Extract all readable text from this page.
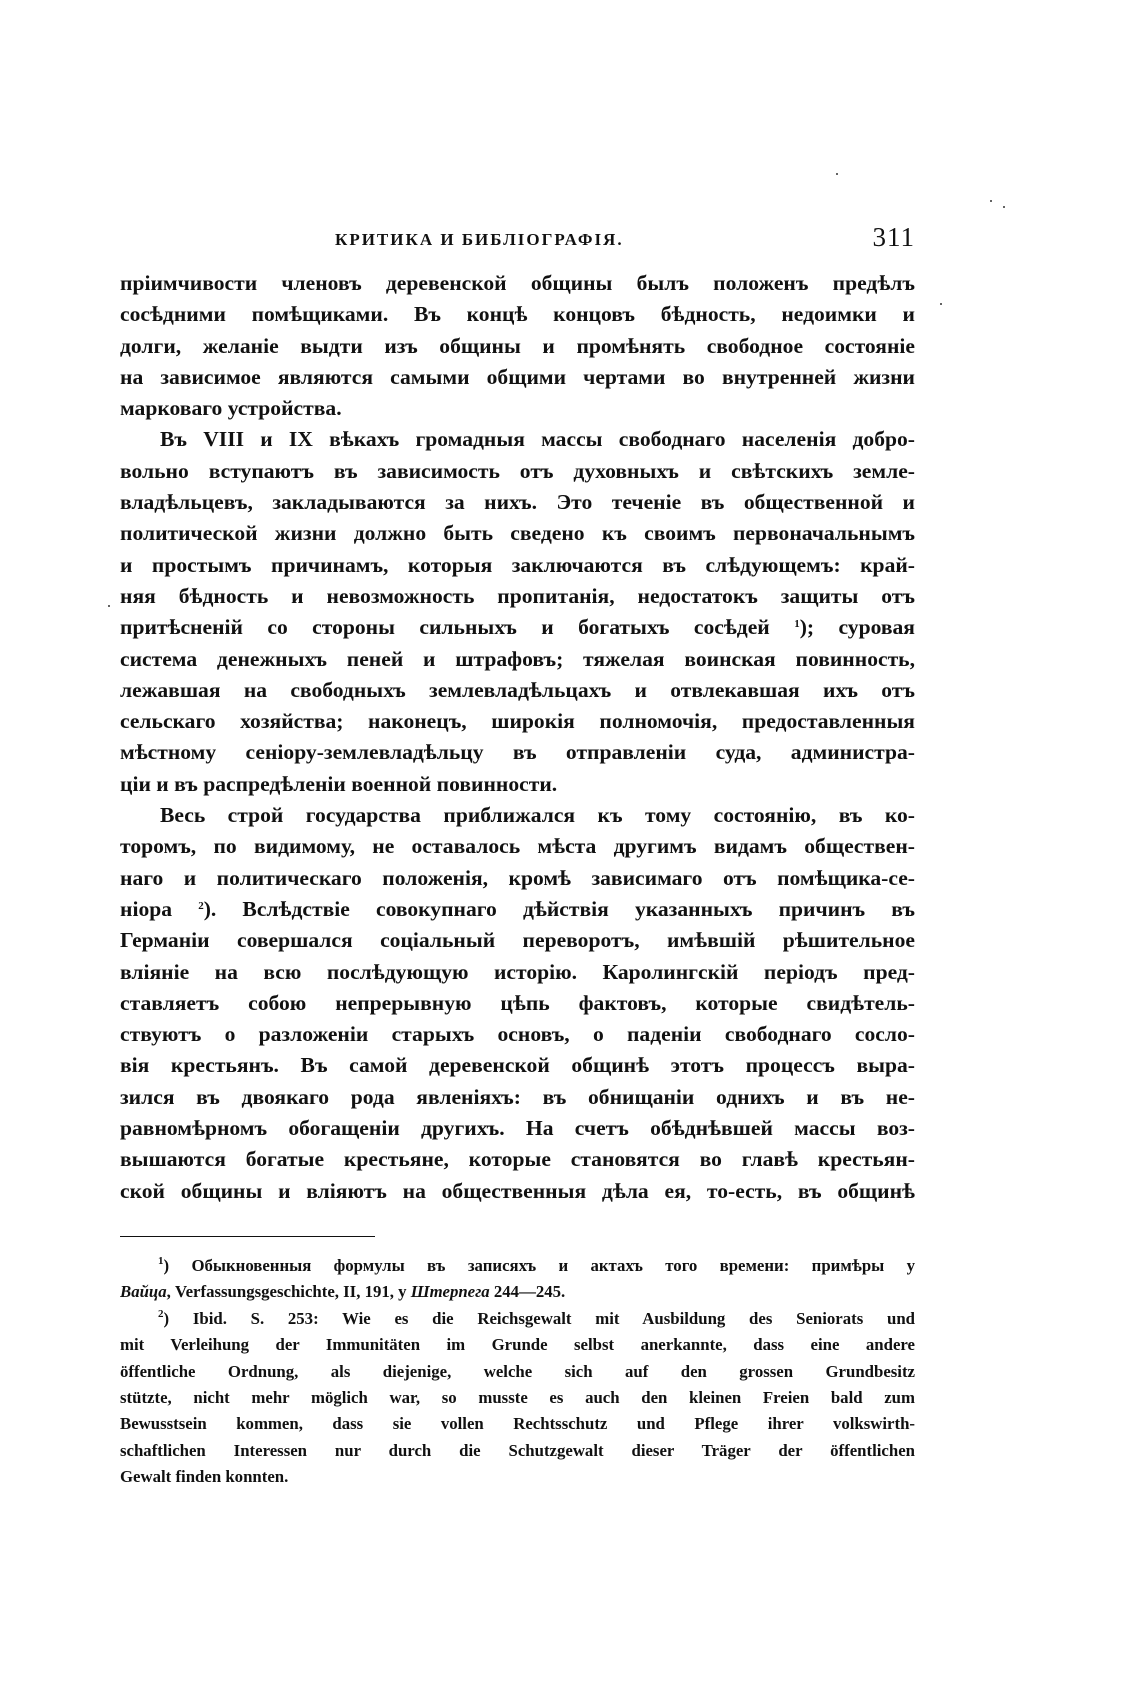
КРИТИКА И БИБЛІОГРАФІЯ.	311
пріимчивости членовъ деревенской общины былъ положенъ предѣлъ
сосѣдними помѣщиками. Въ концѣ концовъ бѣдность, недоимки и
долги, желаніе выдти изъ общины и промѣнять свободное состояніе
на зависимое являются самыми общими чертами во внутренней жизни
марковаго устройства.
Въ VIII и IX вѣкахъ громадныя массы свободнаго населенія добро-
вольно вступаютъ въ зависимость отъ духовныхъ и свѣтскихъ земле-
владѣльцевъ, закладываются за нихъ. Это теченіе въ общественной и
политической жизни должно быть сведено къ своимъ первоначальнымъ
и простымъ причинамъ, которыя заключаются въ слѣдующемъ: край-
няя бѣдность и невозможность пропитанія, недостатокъ защиты отъ
притѣсненій со стороны сильныхъ и богатыхъ сосѣдей $^1$); суровая
система денежныхъ пеней и штрафовъ; тяжелая воинская повинность,
лежавшая на свободныхъ землевладѣльцахъ и отвлекавшая ихъ отъ
сельскаго хозяйства; наконецъ, широкія полномочія, предоставленныя
мѣстному сеніору-землевладѣльцу въ отправленіи суда, администра-
ціи и въ распредѣленіи военной повинности.
Весь строй государства приближался къ тому состоянію, въ ко-
торомъ, по видимому, не оставалось мѣста другимъ видамъ обществен-
наго и политическаго положенія, кромѣ зависимаго отъ помѣщика-се-
ніора $^2$). Вслѣдствіе совокупнаго дѣйствія указанныхъ причинъ въ
Германіи совершался соціальный переворотъ, имѣвшій рѣшительное
вліяніе на всю послѣдующую исторію. Каролингскій періодъ пред-
ставляетъ собою непрерывную цѣпь фактовъ, которые свидѣтель-
ствуютъ о разложеніи старыхъ основъ, о паденіи свободнаго сосло-
вія крестьянъ. Въ самой деревенской общинѣ этотъ процессъ выра-
зился въ двоякаго рода явленіяхъ: въ обнищаніи однихъ и въ не-
равномѣрномъ обогащеніи другихъ. На счетъ обѣднѣвшей массы воз-
вышаются богатые крестьяне, которые становятся во главѣ крестьян-
ской общины и вліяютъ на общественныя дѣла ея, то-есть, въ общинѣ
$^1$) Обыкновенныя формулы въ записяхъ и актахъ того времени: примѣры у
Вайца, Verfassungsgeschichte, II, 191, у Штерneга 244—245.
$^2$) Ibid. S. 253: Wie es die Reichsgewalt mit Ausbildung des Seniorats und
mit Verleihung der Immunitäten im Grunde selbst anerkannte, dass eine andere
öffentliche Ordnung, als diejenige, welche sich auf den grossen Grundbesitz
stützte, nicht mehr möglich war, so musste es auch den kleinen Freien bald zum
Bewusstsein kommen, dass sie vollen Rechtsschutz und Pflege ihrer volkswirth-
schaftlichen Interessen nur durch die Schutzgewalt dieser Träger der öffentlichen
Gewalt finden konnten.
